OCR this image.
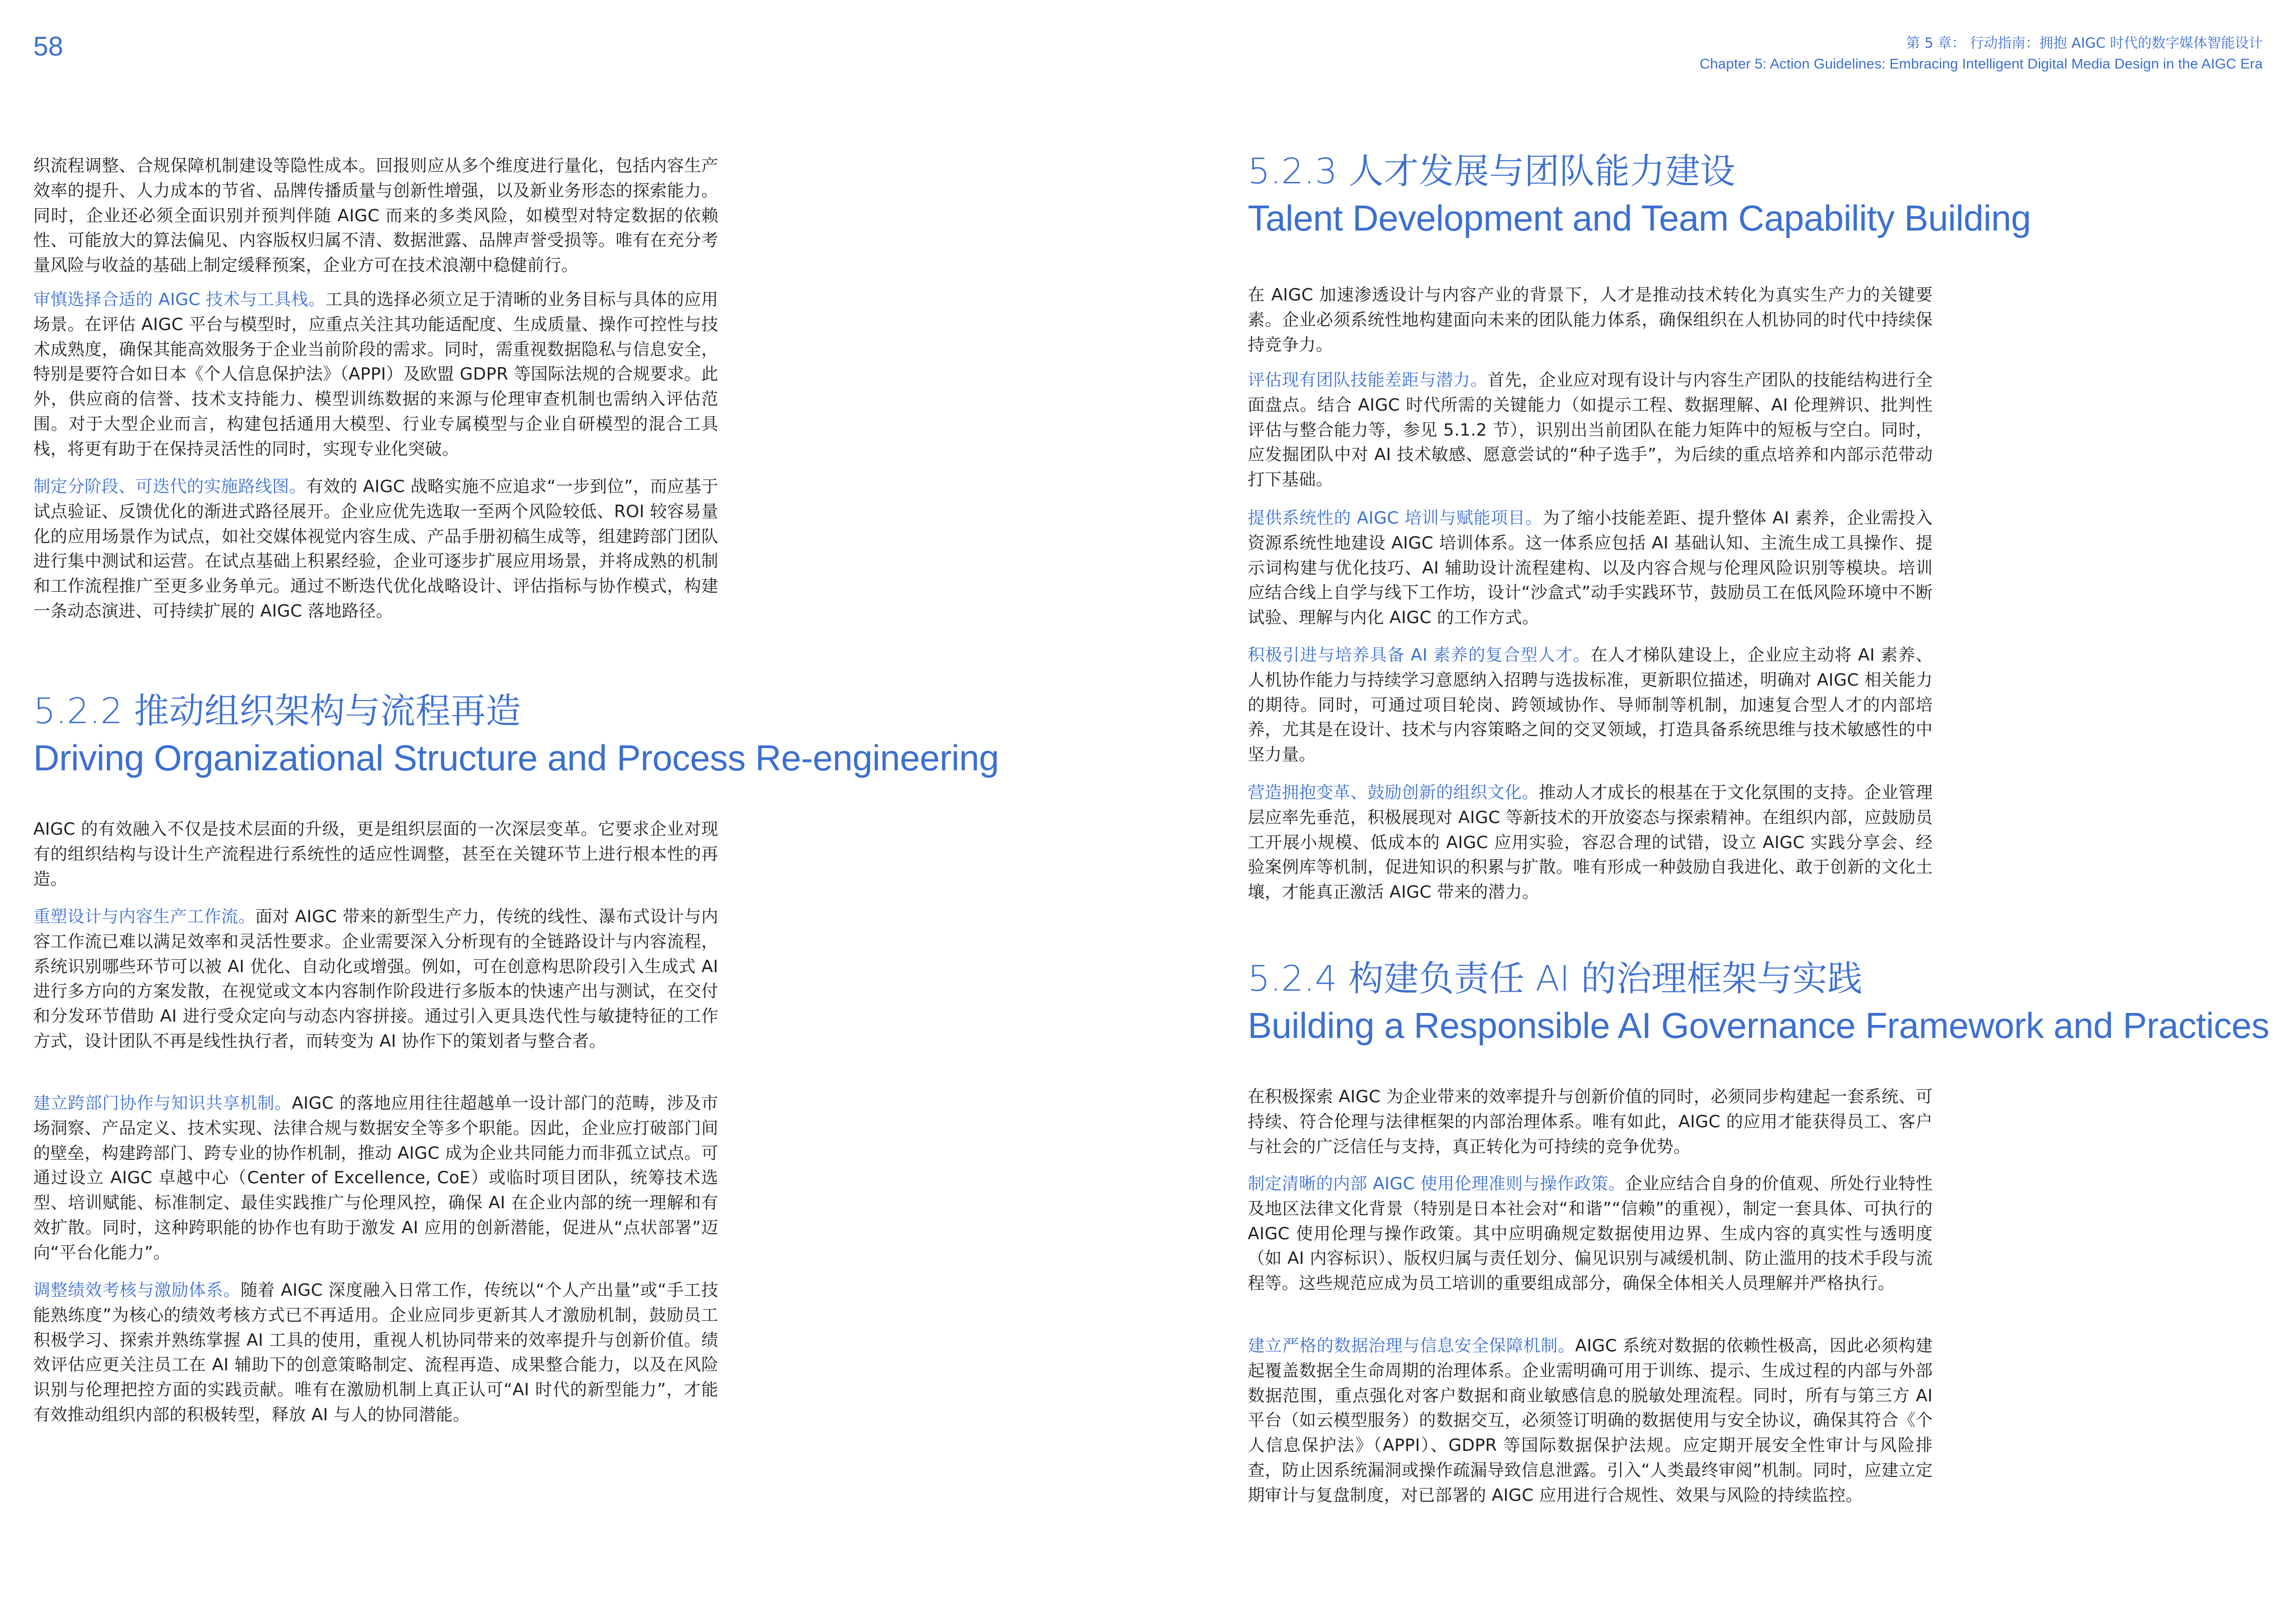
58	第 5 章： 行动指南：拥抱 AIGC 时代的数字媒体智能设计
Chapter 5: Action Guidelines: Embracing Intelligent Digital Media Design in the AIGC Era

织流程调整、合规保障机制建设等隐性成本。回报则应从多个维度进行量化，包括内容生产效率的提升、人力成本的节省、品牌传播质量与创新性增强，以及新业务形态的探索能力。同时，企业还必须全面识别并预判伴随 AIGC 而来的多类风险，如模型对特定数据的依赖性、可能放大的算法偏见、内容版权归属不清、数据泄露、品牌声誉受损等。唯有在充分考量风险与收益的基础上制定缓释预案，企业方可在技术浪潮中稳健前行。

审慎选择合适的 AIGC 技术与工具栈。工具的选择必须立足于清晰的业务目标与具体的应用场景。在评估 AIGC 平台与模型时，应重点关注其功能适配度、生成质量、操作可控性与技术成熟度，确保其能高效服务于企业当前阶段的需求。同时，需重视数据隐私与信息安全，特别是要符合如日本《个人信息保护法》（APPI）及欧盟 GDPR 等国际法规的合规要求。此外，供应商的信誉、技术支持能力、模型训练数据的来源与伦理审查机制也需纳入评估范围。对于大型企业而言，构建包括通用大模型、行业专属模型与企业自研模型的混合工具栈，将更有助于在保持灵活性的同时，实现专业化突破。

制定分阶段、可迭代的实施路线图。有效的 AIGC 战略实施不应追求“一步到位”，而应基于试点验证、反馈优化的渐进式路径展开。企业应优先选取一至两个风险较低、ROI 较容易量化的应用场景作为试点，如社交媒体视觉内容生成、产品手册初稿生成等，组建跨部门团队进行集中测试和运营。在试点基础上积累经验，企业可逐步扩展应用场景，并将成熟的机制和工作流程推广至更多业务单元。通过不断迭代优化战略设计、评估指标与协作模式，构建一条动态演进、可持续扩展的 AIGC 落地路径。

5.2.2 推动组织架构与流程再造
Driving Organizational Structure and Process Re-engineering

AIGC 的有效融入不仅是技术层面的升级，更是组织层面的一次深层变革。它要求企业对现有的组织结构与设计生产流程进行系统性的适应性调整，甚至在关键环节上进行根本性的再造。

重塑设计与内容生产工作流。面对 AIGC 带来的新型生产力，传统的线性、瀑布式设计与内容工作流已难以满足效率和灵活性要求。企业需要深入分析现有的全链路设计与内容流程，系统识别哪些环节可以被 AI 优化、自动化或增强。例如，可在创意构思阶段引入生成式 AI 进行多方向的方案发散，在视觉或文本内容制作阶段进行多版本的快速产出与测试，在交付和分发环节借助 AI 进行受众定向与动态内容拼接。通过引入更具迭代性与敏捷特征的工作方式，设计团队不再是线性执行者，而转变为 AI 协作下的策划者与整合者。

建立跨部门协作与知识共享机制。AIGC 的落地应用往往超越单一设计部门的范畴，涉及市场洞察、产品定义、技术实现、法律合规与数据安全等多个职能。因此，企业应打破部门间的壁垒，构建跨部门、跨专业的协作机制，推动 AIGC 成为企业共同能力而非孤立试点。可通过设立 AIGC 卓越中心（Center of Excellence, CoE）或临时项目团队，统筹技术选型、培训赋能、标准制定、最佳实践推广与伦理风控，确保 AI 在企业内部的统一理解和有效扩散。同时，这种跨职能的协作也有助于激发 AI 应用的创新潜能，促进从“点状部署”迈向“平台化能力”。

调整绩效考核与激励体系。随着 AIGC 深度融入日常工作，传统以“个人产出量”或“手工技能熟练度”为核心的绩效考核方式已不再适用。企业应同步更新其人才激励机制，鼓励员工积极学习、探索并熟练掌握 AI 工具的使用，重视人机协同带来的效率提升与创新价值。绩效评估应更关注员工在 AI 辅助下的创意策略制定、流程再造、成果整合能力，以及在风险识别与伦理把控方面的实践贡献。唯有在激励机制上真正认可“AI 时代的新型能力”，才能有效推动组织内部的积极转型，释放 AI 与人的协同潜能。

5.2.3 人才发展与团队能力建设
Talent Development and Team Capability Building

在 AIGC 加速渗透设计与内容产业的背景下，人才是推动技术转化为真实生产力的关键要素。企业必须系统性地构建面向未来的团队能力体系，确保组织在人机协同的时代中持续保持竞争力。

评估现有团队技能差距与潜力。首先，企业应对现有设计与内容生产团队的技能结构进行全面盘点。结合 AIGC 时代所需的关键能力（如提示工程、数据理解、AI 伦理辨识、批判性评估与整合能力等，参见 5.1.2 节），识别出当前团队在能力矩阵中的短板与空白。同时，应发掘团队中对 AI 技术敏感、愿意尝试的“种子选手”，为后续的重点培养和内部示范带动打下基础。

提供系统性的 AIGC 培训与赋能项目。为了缩小技能差距、提升整体 AI 素养，企业需投入资源系统性地建设 AIGC 培训体系。这一体系应包括 AI 基础认知、主流生成工具操作、提示词构建与优化技巧、AI 辅助设计流程建构、以及内容合规与伦理风险识别等模块。培训应结合线上自学与线下工作坊，设计“沙盒式”动手实践环节，鼓励员工在低风险环境中不断试验、理解与内化 AIGC 的工作方式。

积极引进与培养具备 AI 素养的复合型人才。在人才梯队建设上，企业应主动将 AI 素养、人机协作能力与持续学习意愿纳入招聘与选拔标准，更新职位描述，明确对 AIGC 相关能力的期待。同时，可通过项目轮岗、跨领域协作、导师制等机制，加速复合型人才的内部培养，尤其是在设计、技术与内容策略之间的交叉领域，打造具备系统思维与技术敏感性的中坚力量。

营造拥抱变革、鼓励创新的组织文化。推动人才成长的根基在于文化氛围的支持。企业管理层应率先垂范，积极展现对 AIGC 等新技术的开放姿态与探索精神。在组织内部，应鼓励员工开展小规模、低成本的 AIGC 应用实验，容忍合理的试错，设立 AIGC 实践分享会、经验案例库等机制，促进知识的积累与扩散。唯有形成一种鼓励自我进化、敢于创新的文化土壤，才能真正激活 AIGC 带来的潜力。

5.2.4 构建负责任 AI 的治理框架与实践
Building a Responsible AI Governance Framework and Practices

在积极探索 AIGC 为企业带来的效率提升与创新价值的同时，必须同步构建起一套系统、可持续、符合伦理与法律框架的内部治理体系。唯有如此，AIGC 的应用才能获得员工、客户与社会的广泛信任与支持，真正转化为可持续的竞争优势。

制定清晰的内部 AIGC 使用伦理准则与操作政策。企业应结合自身的价值观、所处行业特性及地区法律文化背景（特别是日本社会对“和谐”“信赖”的重视），制定一套具体、可执行的 AIGC 使用伦理与操作政策。其中应明确规定数据使用边界、生成内容的真实性与透明度（如 AI 内容标识）、版权归属与责任划分、偏见识别与减缓机制、防止滥用的技术手段与流程等。这些规范应成为员工培训的重要组成部分，确保全体相关人员理解并严格执行。

建立严格的数据治理与信息安全保障机制。AIGC 系统对数据的依赖性极高，因此必须构建起覆盖数据全生命周期的治理体系。企业需明确可用于训练、提示、生成过程的内部与外部数据范围，重点强化对客户数据和商业敏感信息的脱敏处理流程。同时，所有与第三方 AI 平台（如云模型服务）的数据交互，必须签订明确的数据使用与安全协议，确保其符合《个人信息保护法》（APPI）、GDPR 等国际数据保护法规。应定期开展安全性审计与风险排查，防止因系统漏洞或操作疏漏导致信息泄露。引入“人类最终审阅”机制。同时，应建立定期审计与复盘制度，对已部署的 AIGC 应用进行合规性、效果与风险的持续监控。
